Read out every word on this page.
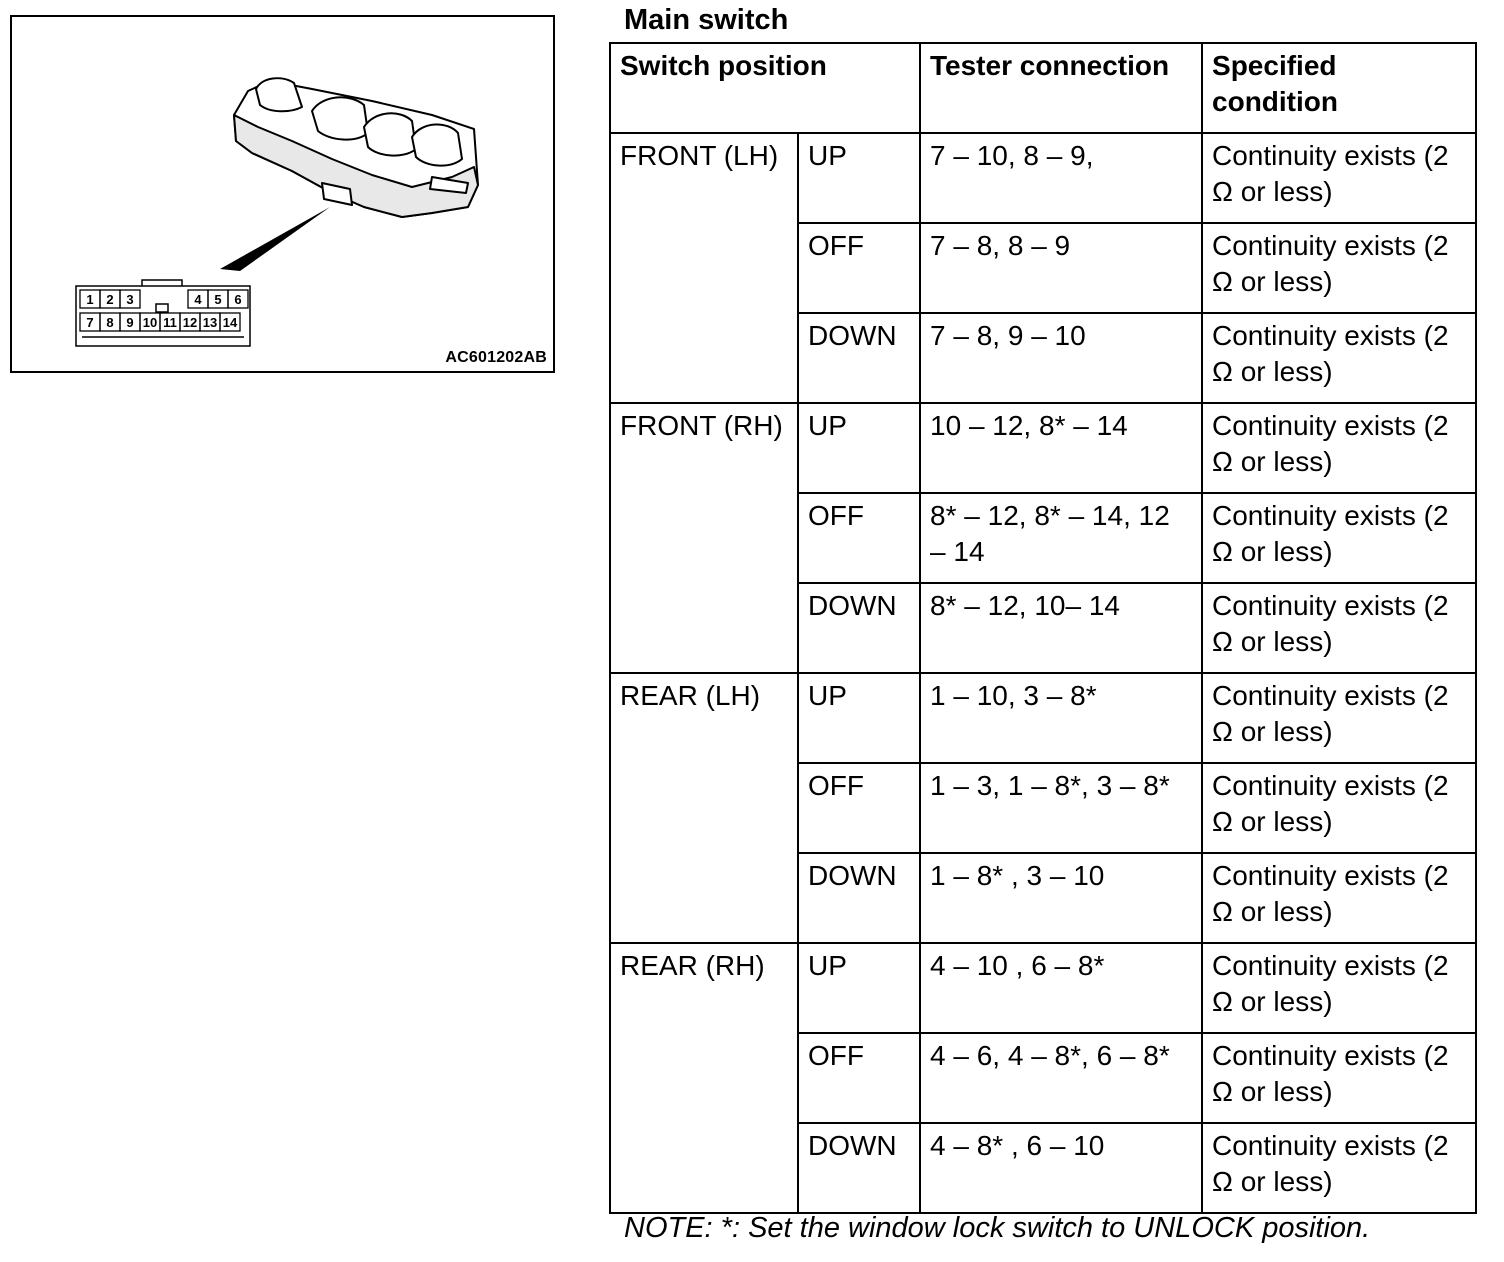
1 2 3	4 5 6
7 8 9 10 11 12 13 14
AC601202AB
Main switch
Switch position		Tester connection	Specified condition
FRONT (LH)	UP	7 – 10, 8 – 9,	Continuity exists (2 Ω or less)
	OFF	7 – 8, 8 – 9	Continuity exists (2 Ω or less)
	DOWN	7 – 8, 9 – 10	Continuity exists (2 Ω or less)
FRONT (RH)	UP	10 – 12, 8* – 14	Continuity exists (2 Ω or less)
	OFF	8* – 12, 8* – 14, 12 – 14	Continuity exists (2 Ω or less)
	DOWN	8* – 12, 10– 14	Continuity exists (2 Ω or less)
REAR (LH)	UP	1 – 10, 3 – 8*	Continuity exists (2 Ω or less)
	OFF	1 – 3, 1 – 8*, 3 – 8*	Continuity exists (2 Ω or less)
	DOWN	1 – 8* , 3 – 10	Continuity exists (2 Ω or less)
REAR (RH)	UP	4 – 10 , 6 – 8*	Continuity exists (2 Ω or less)
	OFF	4 – 6, 4 – 8*, 6 – 8*	Continuity exists (2 Ω or less)
	DOWN	4 – 8* , 6 – 10	Continuity exists (2 Ω or less)
NOTE: *: Set the window lock switch to UNLOCK position.
